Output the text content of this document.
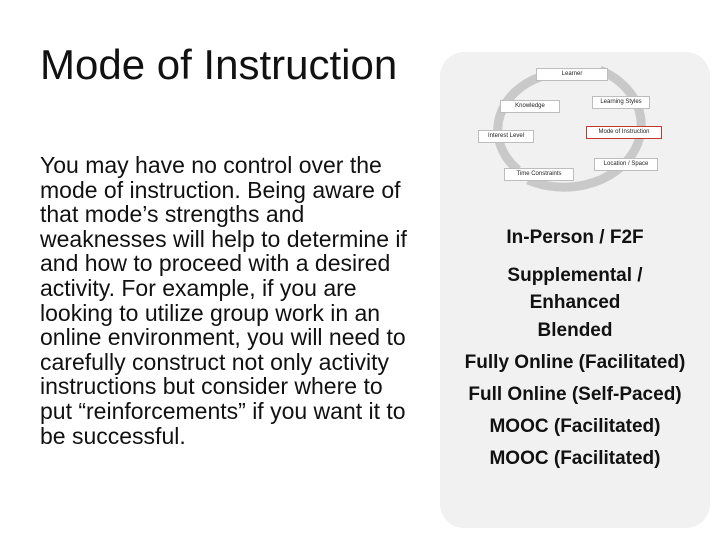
Mode of Instruction

You may have no control over the mode of instruction. Being aware of that mode’s strengths and weaknesses will help to determine if and how to proceed with a desired activity. For example, if you are looking to utilize group work in an online environment, you will need to carefully construct not only activity instructions but consider where to put “reinforcements” if you want it to be successful.

Learner
Learning Styles
Knowledge
Mode of Instruction
Interest Level
Location / Space
Time Constraints
In-Person / F2F
Supplemental / Enhanced
Blended
Fully Online (Facilitated)
Full Online (Self-Paced)
MOOC (Facilitated)
MOOC (Facilitated)
